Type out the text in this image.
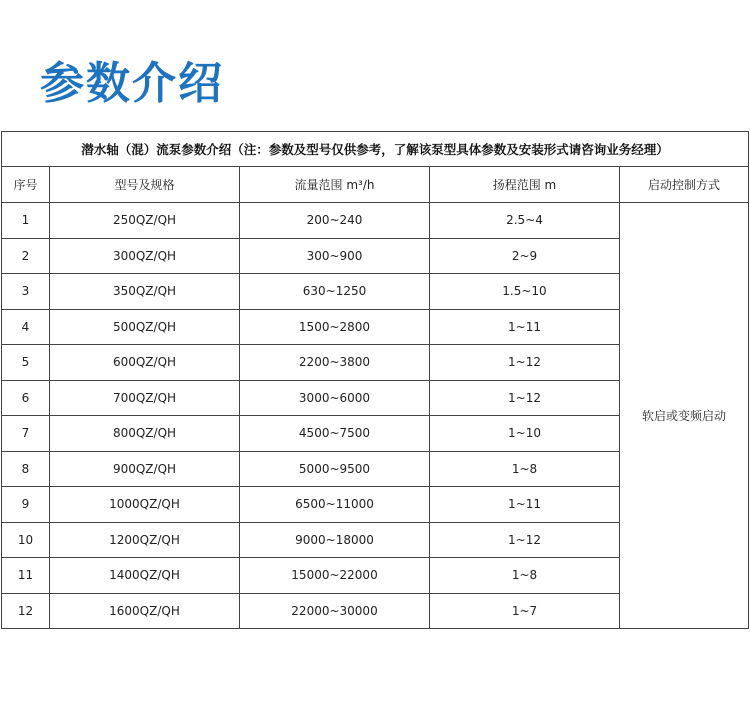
参数介绍
潜水轴（混）流泵参数介绍（注：参数及型号仅供参考，了解该泵型具体参数及安装形式请咨询业务经理）				
序号	型号及规格	流量范围 m³/h	扬程范围 m	启动控制方式
1	250QZ/QH	200~240	2.5~4	软启或变频启动
2	300QZ/QH	300~900	2~9	
3	350QZ/QH	630~1250	1.5~10	
4	500QZ/QH	1500~2800	1~11	
5	600QZ/QH	2200~3800	1~12	
6	700QZ/QH	3000~6000	1~12	
7	800QZ/QH	4500~7500	1~10	
8	900QZ/QH	5000~9500	1~8	
9	1000QZ/QH	6500~11000	1~11	
10	1200QZ/QH	9000~18000	1~12	
11	1400QZ/QH	15000~22000	1~8	
12	1600QZ/QH	22000~30000	1~7	
